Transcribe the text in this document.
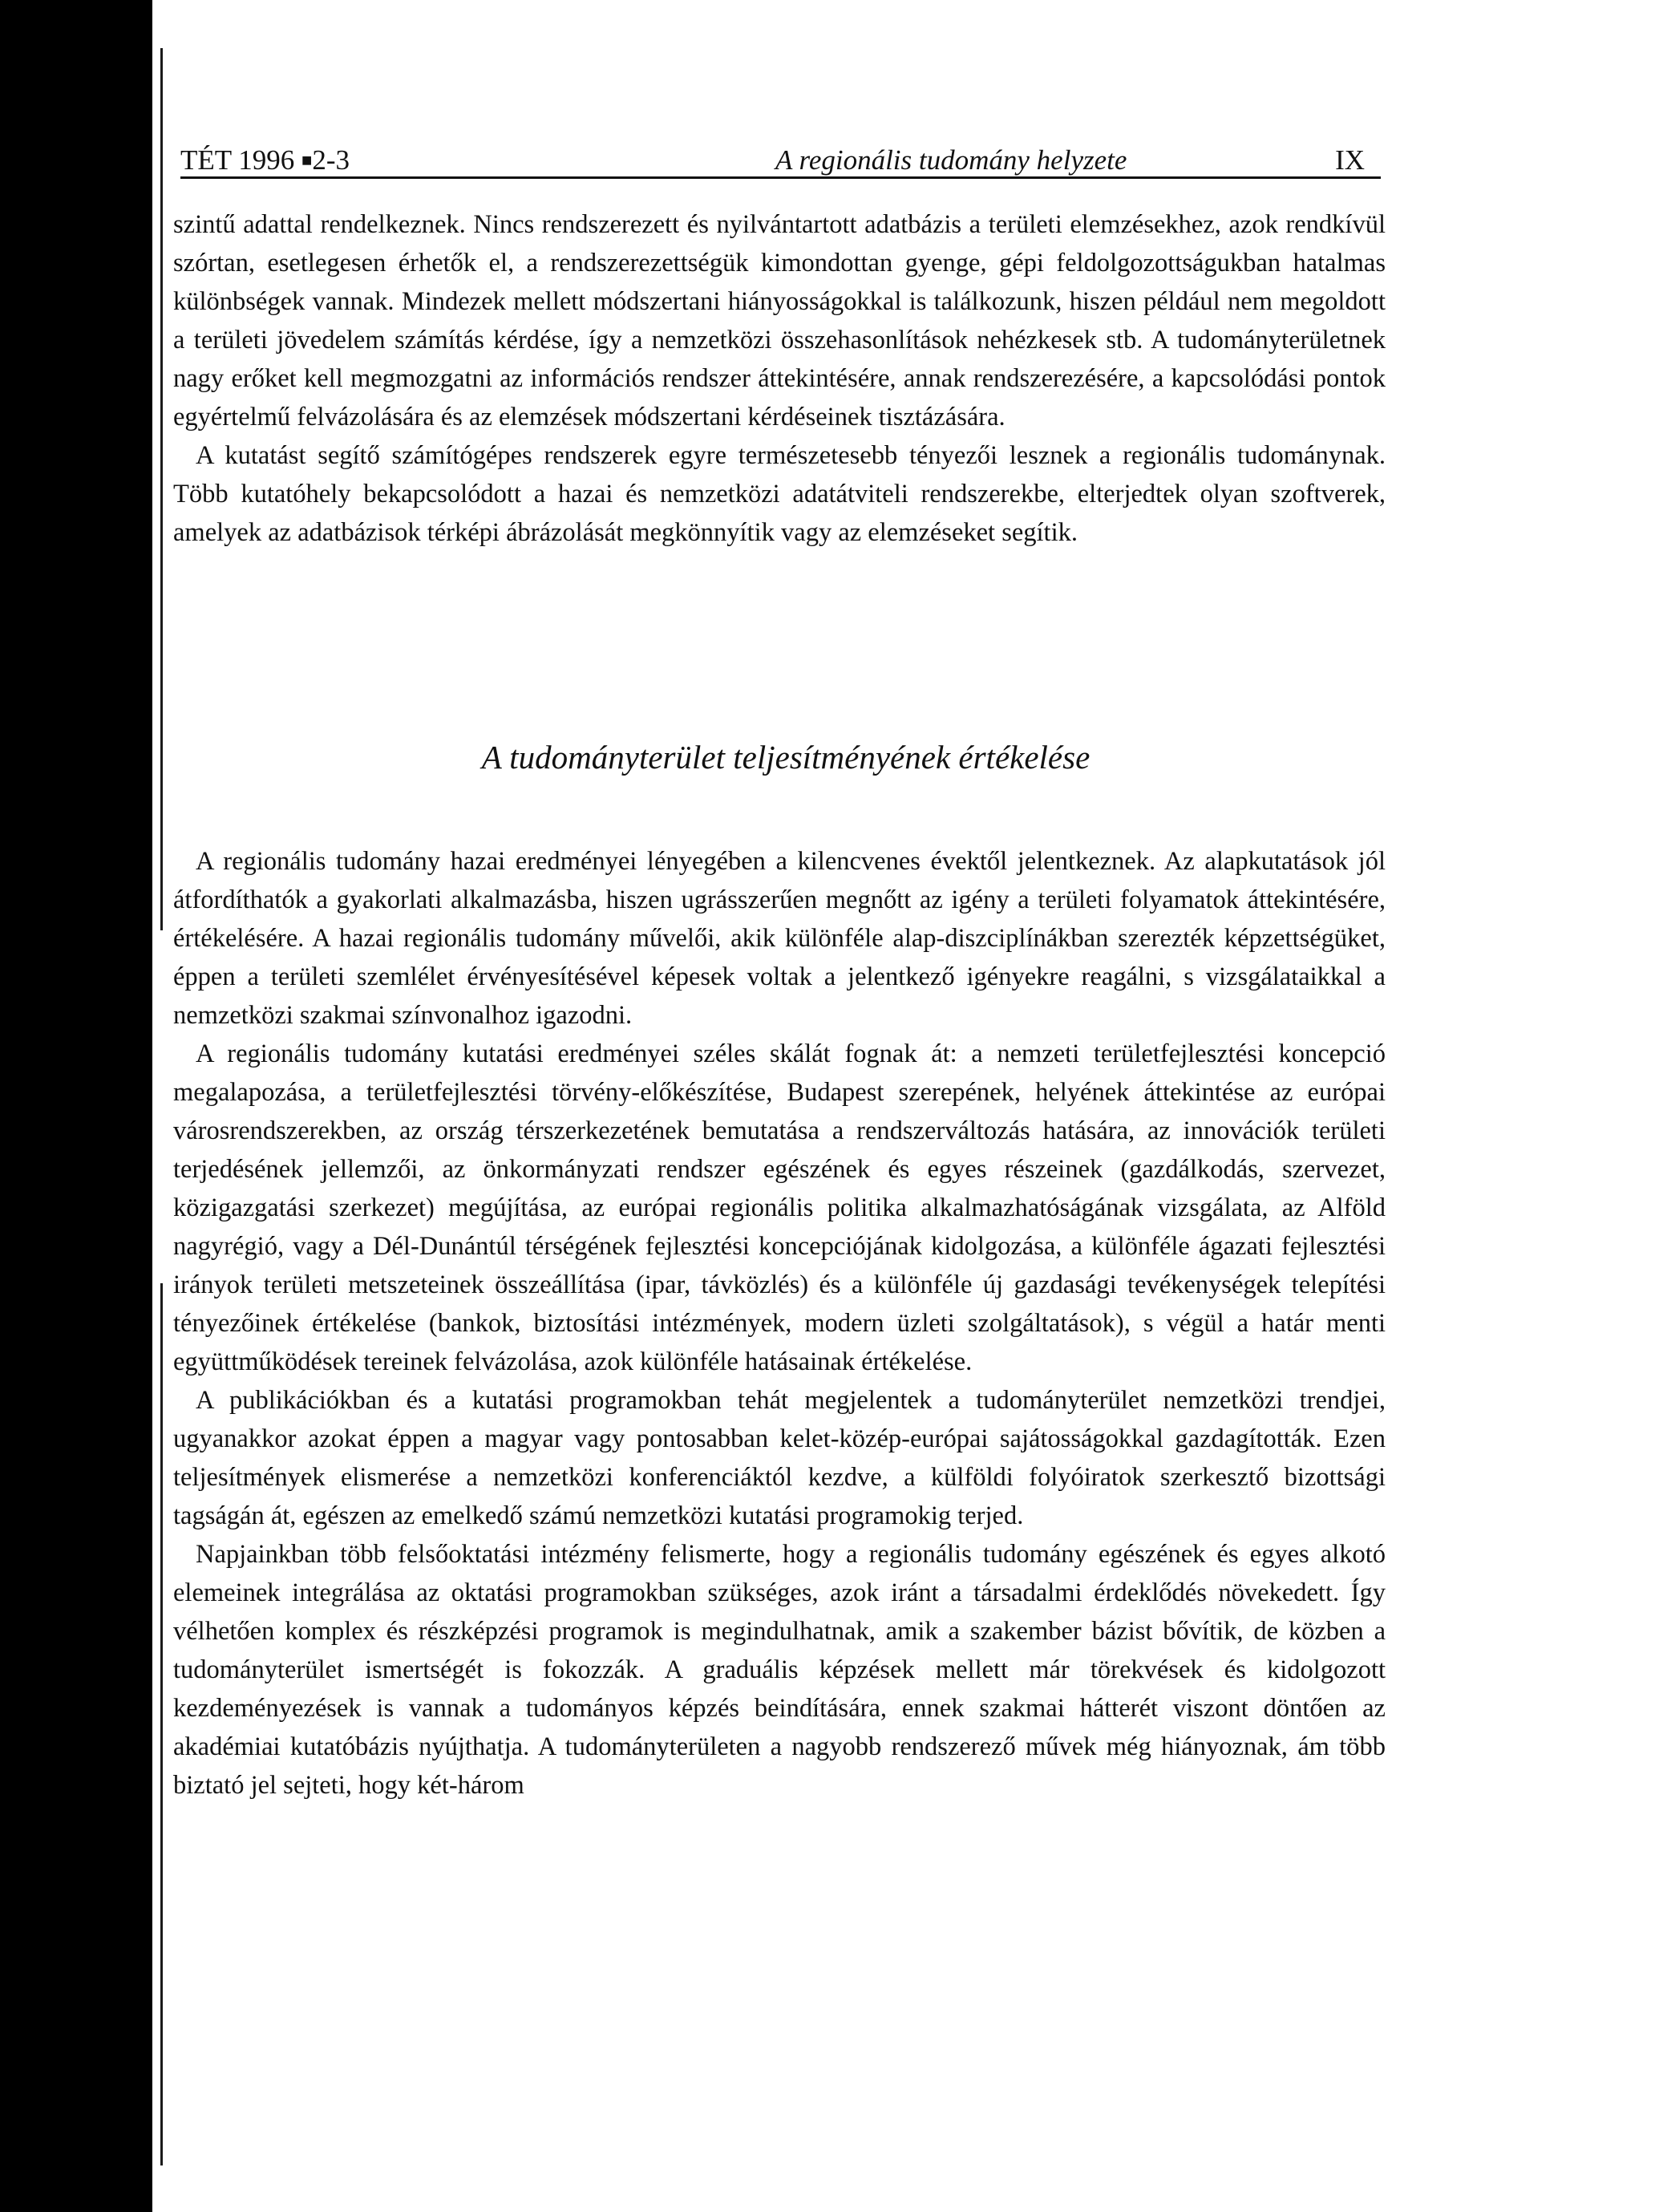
TÉT 1996 ■2-3	A regionális tudomány helyzete	IX

szintű adattal rendelkeznek. Nincs rendszerezett és nyilvántartott adatbázis a területi elemzésekhez, azok rendkívül szórtan, esetlegesen érhetők el, a rendszerezettségük kimondottan gyenge, gépi feldolgozottságukban hatalmas különbségek vannak. Mindezek mellett módszertani hiányosságokkal is találkozunk, hiszen például nem megoldott a területi jövedelem számítás kérdése, így a nemzetközi összehasonlítások nehézkesek stb. A tudományterületnek nagy erőket kell megmozgatni az információs rendszer áttekintésére, annak rendszerezésére, a kapcsolódási pontok egyértelmű felvázolására és az elemzések módszertani kérdéseinek tisztázására.

A kutatást segítő számítógépes rendszerek egyre természetesebb tényezői lesznek a regionális tudománynak. Több kutatóhely bekapcsolódott a hazai és nemzetközi adatátviteli rendszerekbe, elterjedtek olyan szoftverek, amelyek az adatbázisok térképi ábrázolását megkönnyítik vagy az elemzéseket segítik.

A tudományterület teljesítményének értékelése

A regionális tudomány hazai eredményei lényegében a kilencvenes évektől jelentkeznek. Az alapkutatások jól átfordíthatók a gyakorlati alkalmazásba, hiszen ugrásszerűen megnőtt az igény a területi folyamatok áttekintésére, értékelésére. A hazai regionális tudomány művelői, akik különféle alap-diszciplínákban szerezték képzettségüket, éppen a területi szemlélet érvényesítésével képesek voltak a jelentkező igényekre reagálni, s vizsgálataikkal a nemzetközi szakmai színvonalhoz igazodni.

A regionális tudomány kutatási eredményei széles skálát fognak át: a nemzeti területfejlesztési koncepció megalapozása, a területfejlesztési törvény-előkészítése, Budapest szerepének, helyének áttekintése az európai városrendszerekben, az ország térszerkezetének bemutatása a rendszerváltozás hatására, az innovációk területi terjedésének jellemzői, az önkormányzati rendszer egészének és egyes részeinek (gazdálkodás, szervezet, közigazgatási szerkezet) megújítása, az európai regionális politika alkalmazhatóságának vizsgálata, az Alföld nagyrégió, vagy a Dél-Dunántúl térségének fejlesztési koncepciójának kidolgozása, a különféle ágazati fejlesztési irányok területi metszeteinek összeállítása (ipar, távközlés) és a különféle új gazdasági tevékenységek telepítési tényezőinek értékelése (bankok, biztosítási intézmények, modern üzleti szolgáltatások), s végül a határ menti együttműködések tereinek felvázolása, azok különféle hatásainak értékelése.

A publikációkban és a kutatási programokban tehát megjelentek a tudományterület nemzetközi trendjei, ugyanakkor azokat éppen a magyar vagy pontosabban kelet-közép-európai sajátosságokkal gazdagították. Ezen teljesítmények elismerése a nemzetközi konferenciáktól kezdve, a külföldi folyóiratok szerkesztő bizottsági tagságán át, egészen az emelkedő számú nemzetközi kutatási programokig terjed.

Napjainkban több felsőoktatási intézmény felismerte, hogy a regionális tudomány egészének és egyes alkotó elemeinek integrálása az oktatási programokban szükséges, azok iránt a társadalmi érdeklődés növekedett. Így vélhetően komplex és részképzési programok is megindulhatnak, amik a szakember bázist bővítik, de közben a tudományterület ismertségét is fokozzák. A graduális képzések mellett már törekvések és kidolgozott kezdeményezések is vannak a tudományos képzés beindítására, ennek szakmai hátterét viszont döntően az akadémiai kutatóbázis nyújthatja. A tudományterületen a nagyobb rendszerező művek még hiányoznak, ám több biztató jel sejteti, hogy két-három
